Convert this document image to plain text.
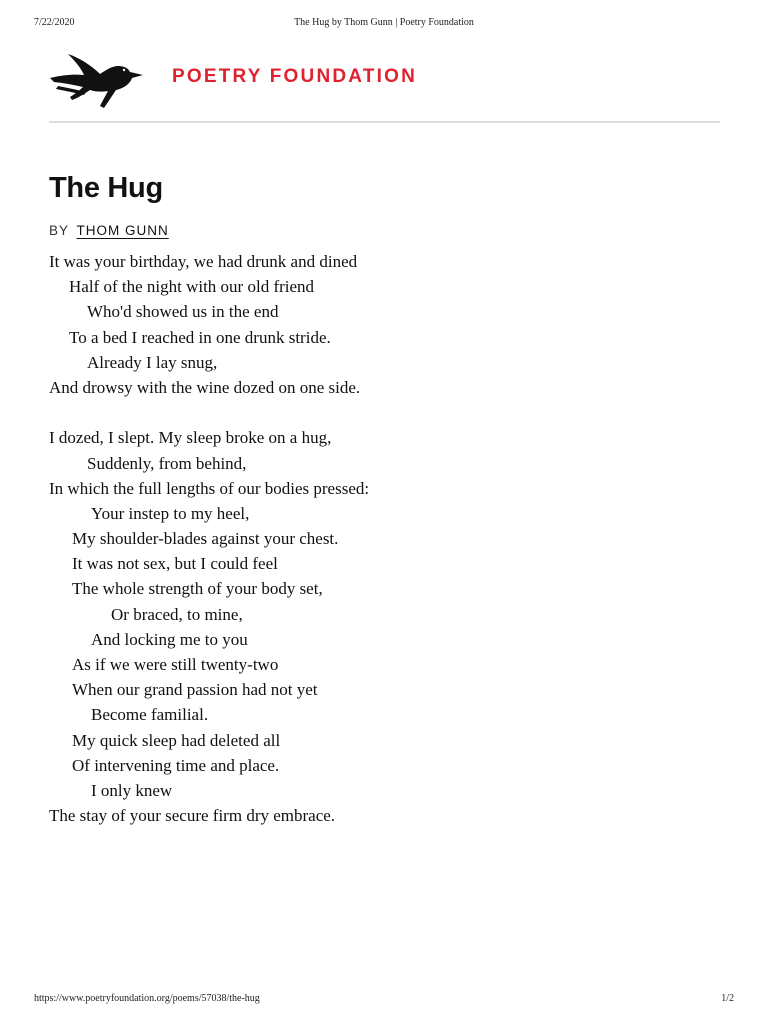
7/22/2020	The Hug by Thom Gunn | Poetry Foundation
POETRY FOUNDATION
The Hug
BY THOM GUNN
It was your birthday, we had drunk and dined
Half of the night with our old friend
Who'd showed us in the end
To a bed I reached in one drunk stride.
Already I lay snug,
And drowsy with the wine dozed on one side.
I dozed, I slept. My sleep broke on a hug,
Suddenly, from behind,
In which the full lengths of our bodies pressed:
Your instep to my heel,
My shoulder-blades against your chest.
It was not sex, but I could feel
The whole strength of your body set,
Or braced, to mine,
And locking me to you
As if we were still twenty-two
When our grand passion had not yet
Become familial.
My quick sleep had deleted all
Of intervening time and place.
I only knew
The stay of your secure firm dry embrace.
https://www.poetryfoundation.org/poems/57038/the-hug	1/2
